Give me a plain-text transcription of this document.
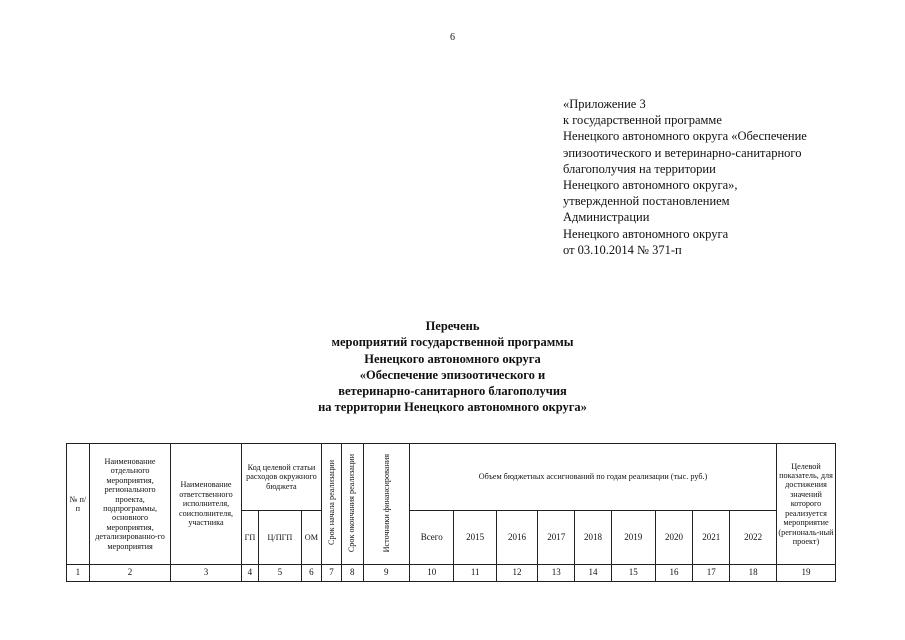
6
«Приложение 3
к государственной программе
Ненецкого автономного округа «Обеспечение
эпизоотического и ветеринарно-санитарного
благополучия на территории
Ненецкого автономного округа»,
утвержденной постановлением
Администрации
Ненецкого автономного округа
от 03.10.2014 № 371-п
Перечень
мероприятий государственной программы
Ненецкого автономного округа
«Обеспечение эпизоотического и
ветеринарно-санитарного благополучия
на территории Ненецкого автономного округа»
№ п/п	Наименование отдельного мероприятия, регионального проекта, подпрограммы, основного мероприятия, детализированно-го мероприятия	Наименование ответственного исполнителя, соисполнителя, участника	Код целевой статьи расходов окружного бюджета			Срок начала реализации	Срок окончания реализации	Источники финансирования	Объем бюджетных ассигнований по годам реализации (тыс. руб.)									Целевой показатель, для достижения значений которого реализуется мероприятие (региональ-ный проект)
			ГП	Ц/ПГП	ОМ				Всего	2015	2016	2017	2018	2019	2020	2021	2022	
1	2	3	4	5	6	7	8	9	10	11	12	13	14	15	16	17	18	19
